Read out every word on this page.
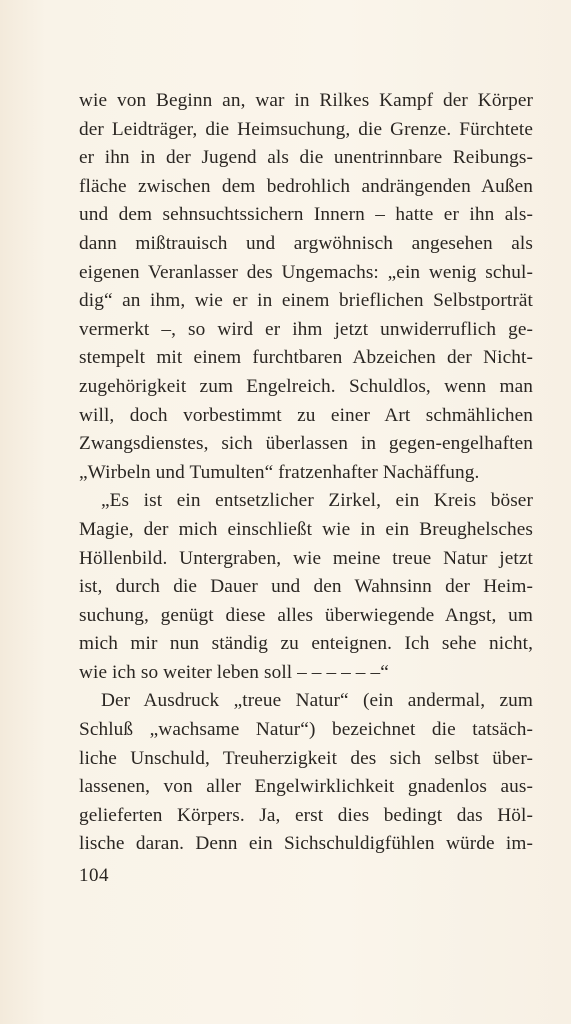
wie von Beginn an, war in Rilkes Kampf der Körper
der Leidträger, die Heimsuchung, die Grenze. Fürchtete
er ihn in der Jugend als die unentrinnbare Reibungs-
fläche zwischen dem bedrohlich andrängenden Außen
und dem sehnsuchtssichern Innern – hatte er ihn als-
dann mißtrauisch und argwöhnisch angesehen als
eigenen Veranlasser des Ungemachs: „ein wenig schul-
dig“ an ihm, wie er in einem brieflichen Selbstporträt
vermerkt –, so wird er ihm jetzt unwiderruflich ge-
stempelt mit einem furchtbaren Abzeichen der Nicht-
zugehörigkeit zum Engelreich. Schuldlos, wenn man
will, doch vorbestimmt zu einer Art schmählichen
Zwangsdienstes, sich überlassen in gegen-engelhaften
„Wirbeln und Tumulten“ fratzenhafter Nachäffung.
„Es ist ein entsetzlicher Zirkel, ein Kreis böser
Magie, der mich einschließt wie in ein Breughelsches
Höllenbild. Untergraben, wie meine treue Natur jetzt
ist, durch die Dauer und den Wahnsinn der Heim-
suchung, genügt diese alles überwiegende Angst, um
mich mir nun ständig zu enteignen. Ich sehe nicht,
wie ich so weiter leben soll – – – – – –“
Der Ausdruck „treue Natur“ (ein andermal, zum
Schluß „wachsame Natur“) bezeichnet die tatsäch-
liche Unschuld, Treuherzigkeit des sich selbst über-
lassenen, von aller Engelwirklichkeit gnadenlos aus-
gelieferten Körpers. Ja, erst dies bedingt das Höl-
lische daran. Denn ein Sichschuldigfühlen würde im-
104
